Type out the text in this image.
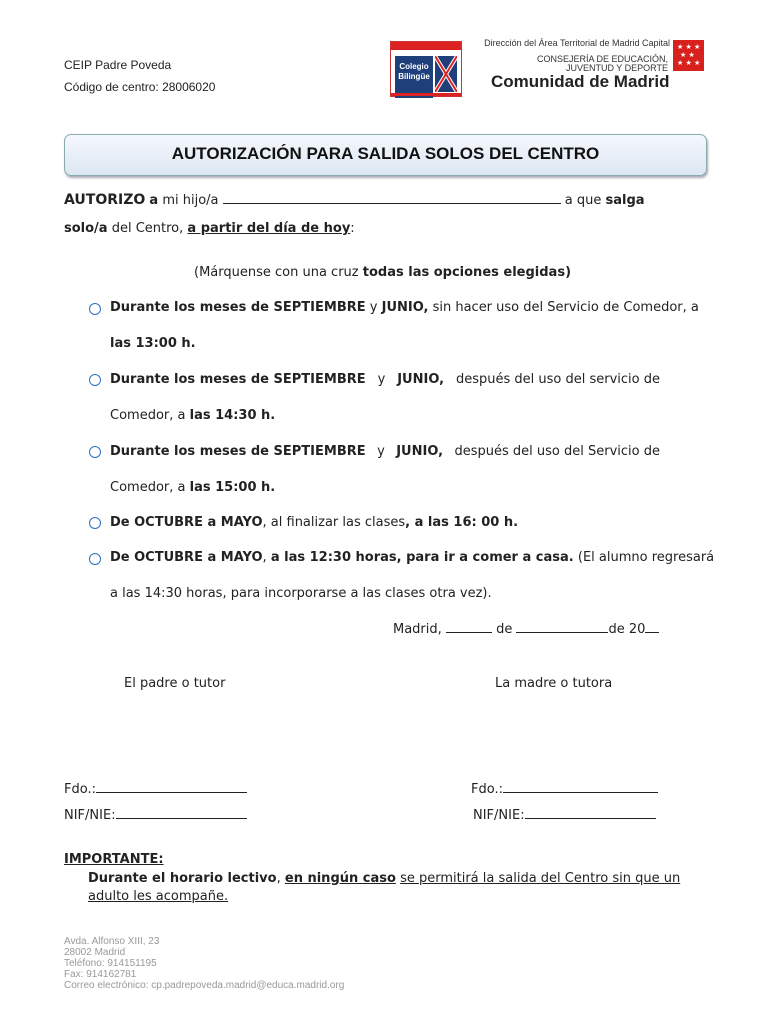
CEIP Padre Poveda
Código de centro: 28006020
Colegio Bilingüe
Dirección del Área Territorial de Madrid Capital
CONSEJERÍA DE EDUCACIÓN,
JUVENTUD Y DEPORTE
Comunidad de Madrid
★ ★ ★
★ ★
★ ★ ★
AUTORIZACIÓN PARA SALIDA SOLOS DEL CENTRO
AUTORIZO a mi hijo/a	a que salga
solo/a del Centro, a partir del día de hoy:
(Márquense con una cruz todas las opciones elegidas)
Durante los meses de SEPTIEMBRE y JUNIO, sin hacer uso del Servicio de Comedor, a
las 13:00 h.
Durante los meses de SEPTIEMBRE y JUNIO, después del uso del servicio de
Comedor, a las 14:30 h.
Durante los meses de SEPTIEMBRE y JUNIO, después del uso del Servicio de
Comedor, a las 15:00 h.
De OCTUBRE a MAYO, al finalizar las clases, a las 16: 00 h.
De OCTUBRE a MAYO, a las 12:30 horas, para ir a comer a casa. (El alumno regresará
a las 14:30 horas, para incorporarse a las clases otra vez).
Madrid,	de	de 20
El padre o tutor	La madre o tutora
Fdo.:	Fdo.:
NIF/NIE:	NIF/NIE:
IMPORTANTE:
Durante el horario lectivo, en ningún caso se permitirá la salida del Centro sin que un
adulto les acompañe.
Avda. Alfonso XIII, 23
28002 Madrid
Teléfono: 914151195
Fax: 914162781
Correo electrónico: cp.padrepoveda.madrid@educa.madrid.org
